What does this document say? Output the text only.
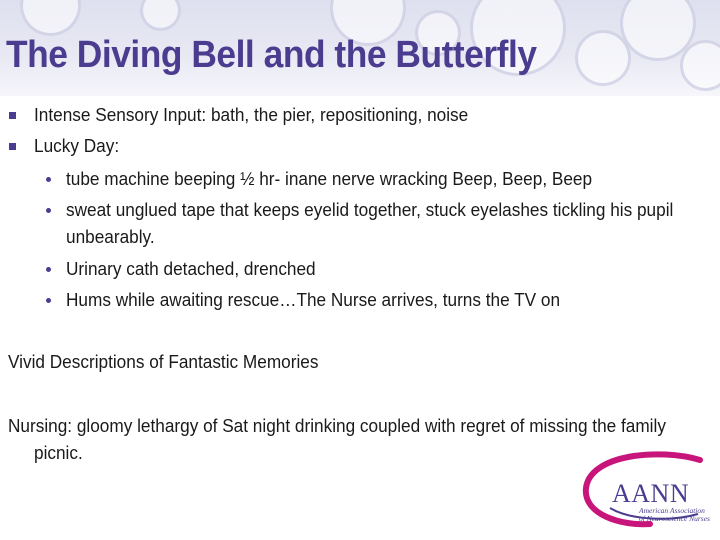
The Diving Bell and the Butterfly
Intense Sensory Input: bath, the pier, repositioning, noise
Lucky Day:
tube machine beeping ½ hr- inane nerve wracking Beep, Beep, Beep
sweat unglued tape that keeps eyelid together, stuck eyelashes tickling his pupil
unbearably.
Urinary cath detached, drenched
Hums while awaiting rescue…The Nurse arrives, turns the TV on
Vivid Descriptions of Fantastic Memories
Nursing: gloomy lethargy of Sat night drinking coupled with regret of missing the family
picnic.
AANN
American Association
of Neuroscience Nurses
